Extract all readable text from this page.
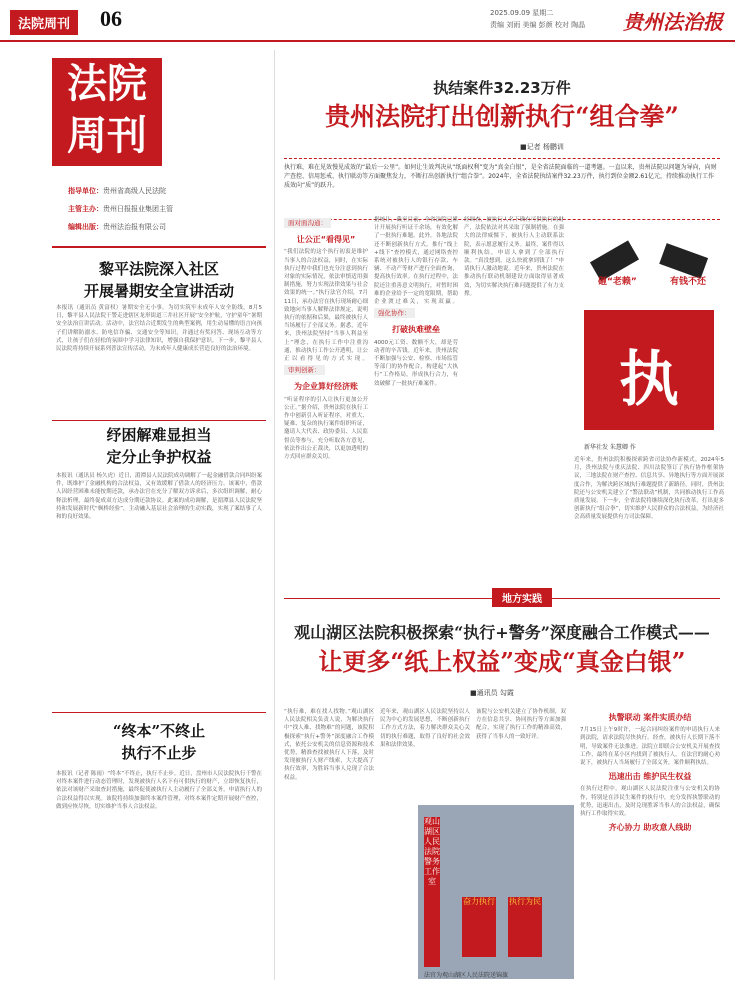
法院周刊	06	2025.09.09 星期二
责编 刘雨 美编 彭颜 校对 陶晶 贵州法治报
法院
周刊
指导单位：贵州省高级人民法院
主管主办：贵州日报报业集团主管
编辑出版：贵州法治报有限公司
黎平法院深入社区
开展暑期安全宣讲活动
本报讯（通讯员 黄富权）暑期安全无小事。为切实筑牢未成年人安全防线，8月5日，黎平县人民法院干警走进辖区龙形街道三井社区开展“安全护航，守护童年”暑期安全法治宣讲活动。活动中，法官结合近期发生的典型案例，用生动易懂的语言向孩子们讲解防溺水、防电信诈骗、交通安全等知识，并通过有奖问答、现场互动等方式，让孩子们在轻松的氛围中学习法律知识，增强自我保护意识。下一步，黎平县人民法院将持续开展系列普法宣传活动，为未成年人健康成长营造良好的法治环境。
纾困解难显担当
定分止争护权益
本报讯（通讯员 杨久虎）近日，湄潭县人民法院成功调解了一起金融借款合同纠纷案件，既维护了金融机构的合法权益，又有效缓解了借款人的经济压力。该案中，借款人因经营困难未能按期还款，承办法官在充分了解双方诉求后，多次组织调解，耐心释法析理，最终促成双方达成分期还款协议。此案的成功调解，是湄潭县人民法院坚持和发展新时代“枫桥经验”，主动融入基层社会治理的生动实践，实现了案结事了人和的良好效果。
“终本”不终止
执行不止步
本报讯（记者 陈雨）“终本”不终止，执行不止步。近日，盘州市人民法院执行干警在对终本案件进行动态管理时，发现被执行人名下有可供执行的财产，立即恢复执行，依法对该财产采取查封措施，最终促使被执行人主动履行了全部义务，申请执行人的合法权益得以实现。该院将持续加强终本案件管理，对终本案件定期开展财产查控，做到应恢尽恢，切实维护当事人合法权益。
执结案件32.23万件
贵州法院打出创新执行“组合拳”
■记者 杨鹏训
执行难，难在见效慢见成效的“最后一公里”。如何让生效判决从“纸面权利”变为“真金白银”，是全省法院面临的一道考题。一直以来，贵州法院以问题为导向，向财产查控、信用惩戒、执行联动等方面聚焦发力，不断打出创新执行“组合拳”。2024年，全省法院执结案件32.23万件，执行到位金额2.61亿元，持续推动执行工作质效向“质”的跃升。
面对面沟通：
让公正“看得见”
“我们法院的这个执行初衷是维护当事人的合法权益，同时，在实际执行过程中我们也充分注意到执行对象的实际情况，依法审慎适用强制措施，努力实现法律效果与社会效果的统一。”执行法官介绍，7月11日，承办法官在执行现场耐心细致地向当事人解释法律规定，说明执行的依据和后果，最终被执行人当场履行了全部义务。据悉，近年来，贵州法院坚持“当事人利益至上”理念，在执行工作中注重沟通，推动执行工作公开透明，让公正以看得见的方式实现。 审判创新：
为企业算好经济账
“听证程序的引入让执行更加公开公正。”据介绍，贵州法院在执行工作中创新引入听证程序，对重大、疑难、复杂的执行案件组织听证，邀请人大代表、政协委员、人民监督员等参与，充分听取各方意见，依法作出公正裁决，以更加透明的方式回应群众关切。
据统计，截至目前，全省法院已累计开展执行听证千余场，有效化解了一批执行难题。此外，各地法院还不断创新执行方式，推行“线上+线下”查控模式，通过网络查控系统对被执行人的银行存款、车辆、不动产等财产进行全面查询，提高执行效率。在执行过程中，法院还注重善意文明执行，对暂时困难的企业给予一定的宽限期，帮助企业渡过难关，实现双赢。 强化协作：
打破执难壁垒
4000元工资、数额不大，却是劳动者的辛苦钱。近年来，贵州法院不断加强与公安、检察、市场监管等部门的协作配合，构建起“大执行”工作格局，形成执行合力，有效破解了一批执行难案件。
经调查，被执行人名下确有可供执行的财产，法院依法对其采取了强制措施。在强大的法律威慑下，被执行人主动联系法院，表示愿意履行义务。最终，案件得以顺利执结，申请人拿到了全部执行款。“真没想到，这么快就拿到钱了！”申请执行人激动地说。近年来，贵州法院在推动执行联动机制建设方面取得显著成效，为切实解决执行难问题提供了有力支撑。
近年来，贵州法院积极探索跨省司法协作新模式。2024年5月，贵州法院与重庆法院、四川法院签订了执行协作框架协议，三地法院在财产查控、信息共享、异地执行等方面开展深度合作，为解决跨区域执行难题提供了新路径。同时，贵州法院还与公安机关建立了“警法联动”机制，共同推动执行工作高质量发展。下一步，全省法院将继续深化执行改革，打出更多创新执行“组合拳”，切实维护人民群众的合法权益，为经济社会高质量发展提供有力司法保障。
执
砸“老赖”	有钱不还
新华社发 朱慧卿 作
地方实践
观山湖区法院积极探索“执行+警务”深度融合工作模式——
让更多“纸上权益”变成“真金白银”
■通讯员 勾霞
“执行难，难在找人找物。”观山湖区人民法院相关负责人说，为解决执行中“找人难、找物难”的问题，该院积极探索“执行+警务”深度融合工作模式，依托公安机关的信息资源和技术优势，精准查找被执行人下落，及时发现被执行人财产线索，大大提高了执行效率，为胜诉当事人兑现了合法权益。
近年来，观山湖区人民法院坚持以人民为中心的发展思想，不断创新执行工作方式方法，着力解决群众关心关切的执行难题，取得了良好的社会效果和法律效果。
该院与公安机关建立了协作机制，双方在信息共享、协同执行等方面加强配合，实现了执行工作的精准高效，获得了当事人的一致好评。
执警联动 案件实质办结
7月15日上午9时许，一起合同纠纷案件的申请执行人来到法院，请求法院尽快执行。经查，被执行人长期下落不明，导致案件无法推进。法院立即联合公安机关开展查找工作，最终在某小区内找到了被执行人。在法官的耐心劝说下，被执行人当场履行了全部义务，案件顺利执结。
迅速出击 维护民生权益
在执行过程中，观山湖区人民法院注重与公安机关的协作，特别是在涉民生案件的执行中，充分发挥执警联动的优势，迅速出击，及时兑现胜诉当事人的合法权益，确保执行工作取得实效。
齐心协力 助攻意人线助
观山湖区人民法院警务工作室
奋力执行 执行为民
法官为观山湖区人民法院送锦旗
